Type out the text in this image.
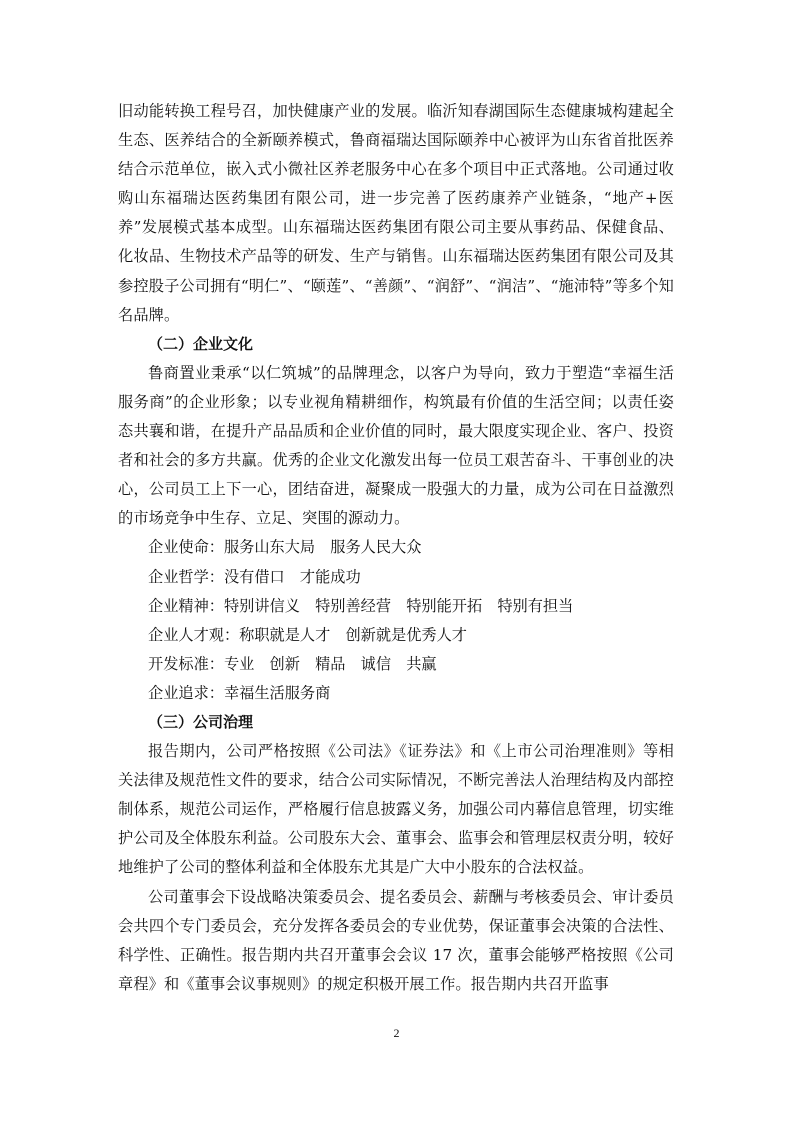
旧动能转换工程号召，加快健康产业的发展。临沂知春湖国际生态健康城构建起全生态、医养结合的全新颐养模式，鲁商福瑞达国际颐养中心被评为山东省首批医养结合示范单位，嵌入式小微社区养老服务中心在多个项目中正式落地。公司通过收购山东福瑞达医药集团有限公司，进一步完善了医药康养产业链条，“地产+医养”发展模式基本成型。山东福瑞达医药集团有限公司主要从事药品、保健食品、化妆品、生物技术产品等的研发、生产与销售。山东福瑞达医药集团有限公司及其参控股子公司拥有“明仁”、“颐莲”、“善颜”、“润舒”、“润洁”、“施沛特”等多个知名品牌。

（二）企业文化

鲁商置业秉承“以仁筑城”的品牌理念，以客户为导向，致力于塑造“幸福生活服务商”的企业形象；以专业视角精耕细作，构筑最有价值的生活空间；以责任姿态共襄和谐，在提升产品品质和企业价值的同时，最大限度实现企业、客户、投资者和社会的多方共赢。优秀的企业文化激发出每一位员工艰苦奋斗、干事创业的决心，公司员工上下一心，团结奋进，凝聚成一股强大的力量，成为公司在日益激烈的市场竞争中生存、立足、突围的源动力。

企业使命：服务山东大局　服务人民大众

企业哲学：没有借口　才能成功

企业精神：特别讲信义　特别善经营　特别能开拓　特别有担当

企业人才观：称职就是人才　创新就是优秀人才

开发标准：专业　创新　精品　诚信　共赢

企业追求：幸福生活服务商

（三）公司治理

报告期内，公司严格按照《公司法》《证券法》和《上市公司治理准则》等相关法律及规范性文件的要求，结合公司实际情况，不断完善法人治理结构及内部控制体系，规范公司运作，严格履行信息披露义务，加强公司内幕信息管理，切实维护公司及全体股东利益。公司股东大会、董事会、监事会和管理层权责分明，较好地维护了公司的整体利益和全体股东尤其是广大中小股东的合法权益。

公司董事会下设战略决策委员会、提名委员会、薪酬与考核委员会、审计委员会共四个专门委员会，充分发挥各委员会的专业优势，保证董事会决策的合法性、科学性、正确性。报告期内共召开董事会会议 17 次，董事会能够严格按照《公司章程》和《董事会议事规则》的规定积极开展工作。报告期内共召开监事

2
